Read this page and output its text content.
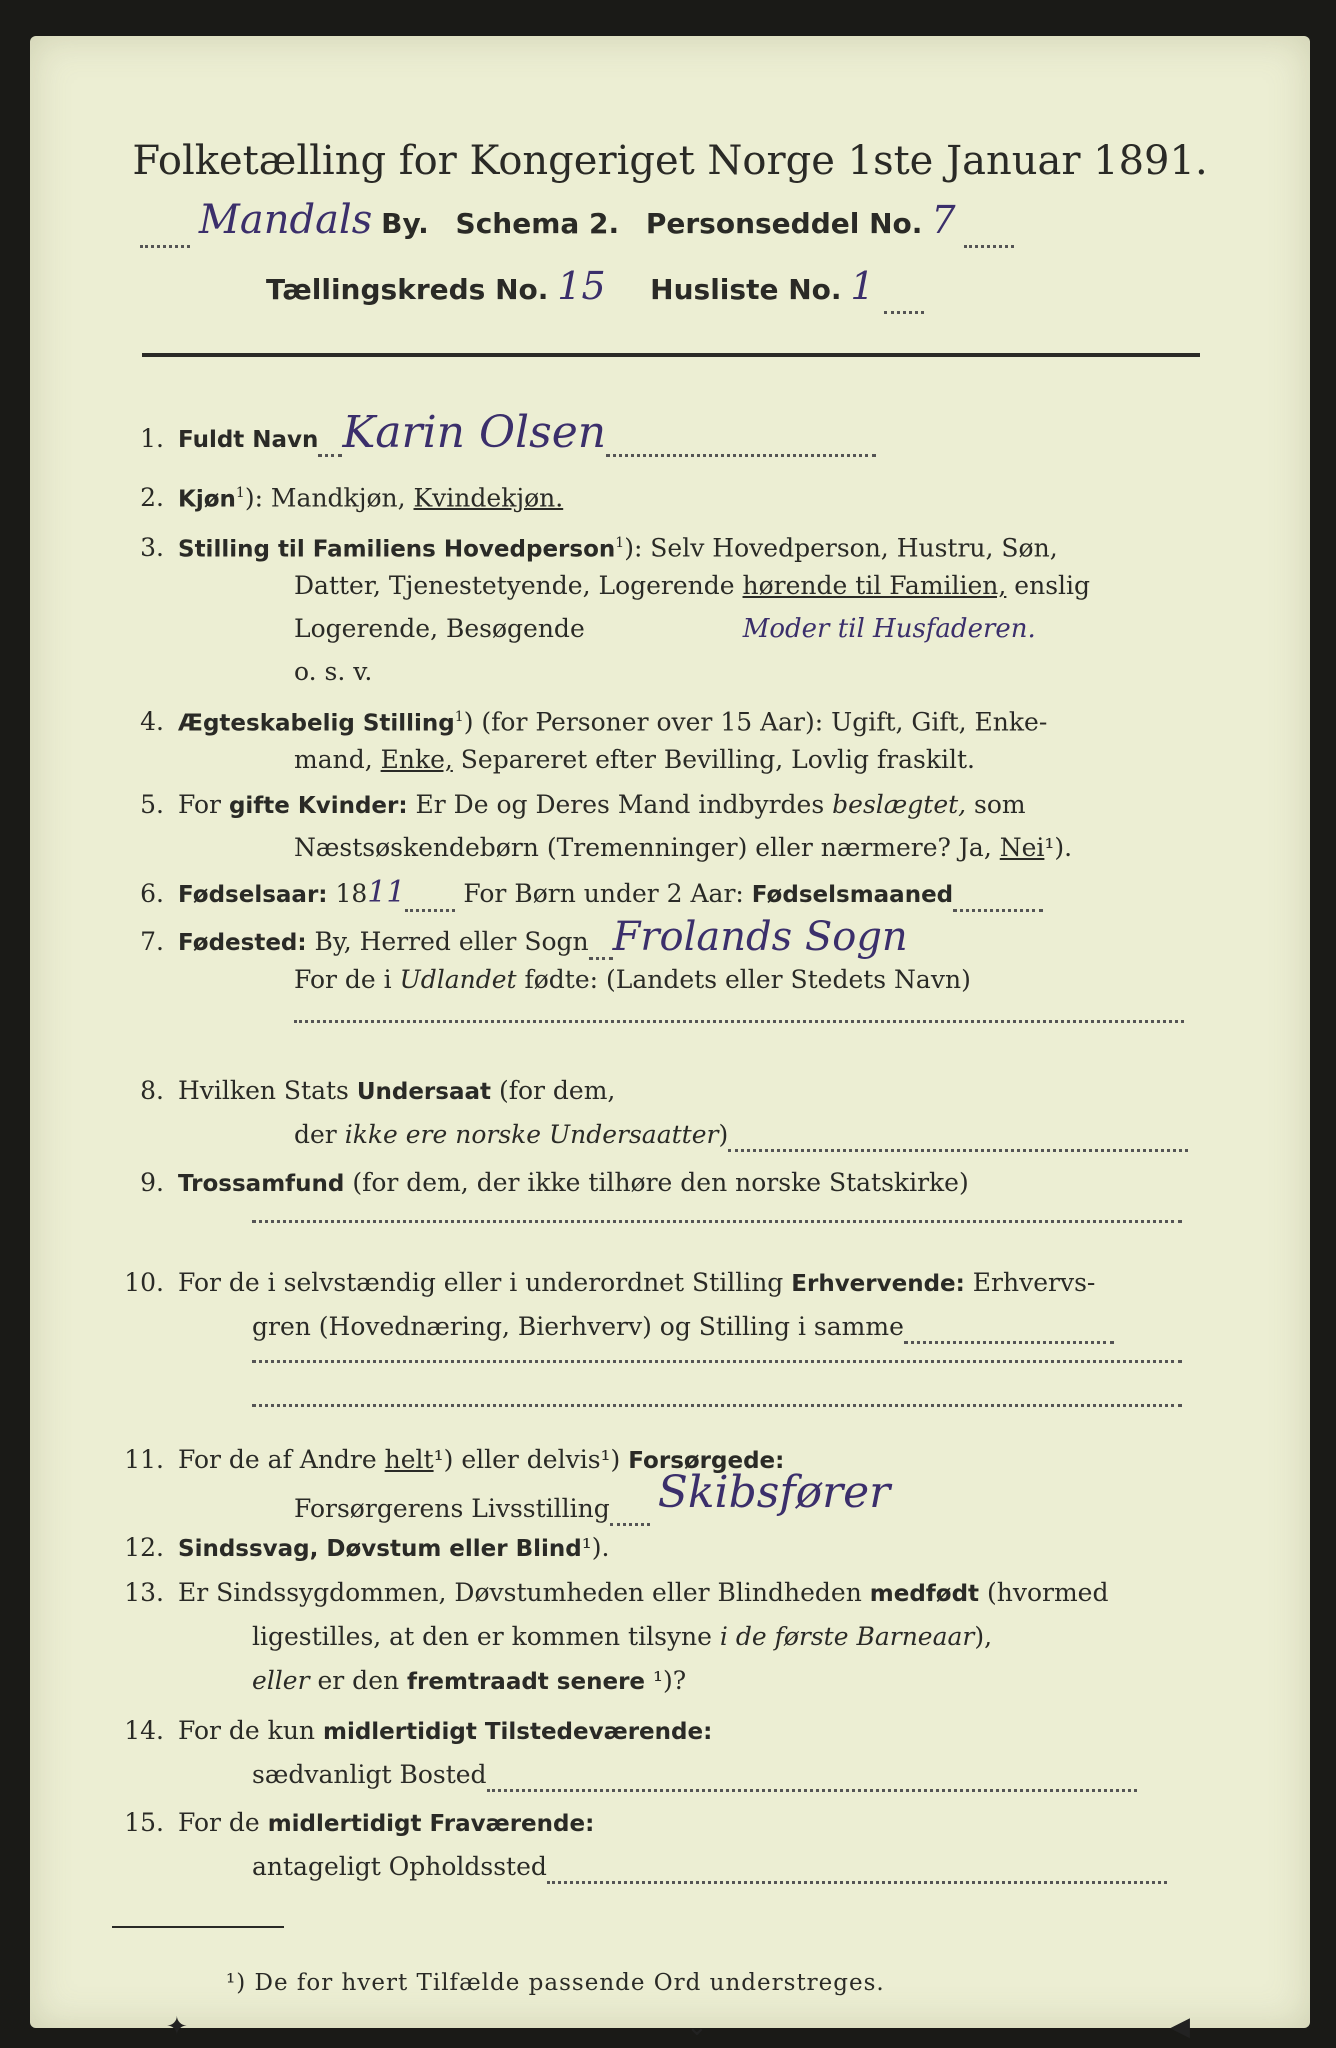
Folketælling for Kongeriget Norge 1ste Januar 1891.
Mandals By. Schema 2. Personseddel No. 7
Tællingskreds No. 15 Husliste No. 1
1. Fuldt Navn Karin Olsen
2. Kjøn$^1$): Mandkjøn, Kvindekjøn.
3. Stilling til Familiens Hovedperson$^1$): Selv Hovedperson, Hustru, Søn,
Datter, Tjenestetyende, Logerende hørende til Familien, enslig
Logerende, Besøgende	Moder til Husfaderen.
o. s. v.
4. Ægteskabelig Stilling$^1$) (for Personer over 15 Aar): Ugift, Gift, Enke-
mand, Enke, Separeret efter Bevilling, Lovlig fraskilt.
5. For gifte Kvinder: Er De og Deres Mand indbyrdes beslægtet, som
Næstsøskendebørn (Tremenninger) eller nærmere? Ja, Nei¹).
6. Fødselsaar: 1811 For Børn under 2 Aar: Fødselsmaaned
7. Fødested: By, Herred eller Sogn Frolands Sogn
For de i Udlandet fødte: (Landets eller Stedets Navn)
8. Hvilken Stats Undersaat (for dem,
der ikke ere norske Undersaatter)
9. Trossamfund (for dem, der ikke tilhøre den norske Statskirke)
10. For de i selvstændig eller i underordnet Stilling Erhvervende: Erhvervs-
gren (Hovednæring, Bierhverv) og Stilling i samme
11. For de af Andre helt¹) eller delvis¹) Forsørgede:
Forsørgerens Livsstilling Skibsfører
12. Sindssvag, Døvstum eller Blind¹).
13. Er Sindssygdommen, Døvstumheden eller Blindheden medfødt (hvormed
ligestilles, at den er kommen tilsyne i de første Barneaar),
eller er den fremtraadt senere ¹)?
14. For de kun midlertidigt Tilstedeværende:
sædvanligt Bosted
15. For de midlertidigt Fraværende:
antageligt Opholdssted
¹) De for hvert Tilfælde passende Ord understreges.
✦	⌄	◀
